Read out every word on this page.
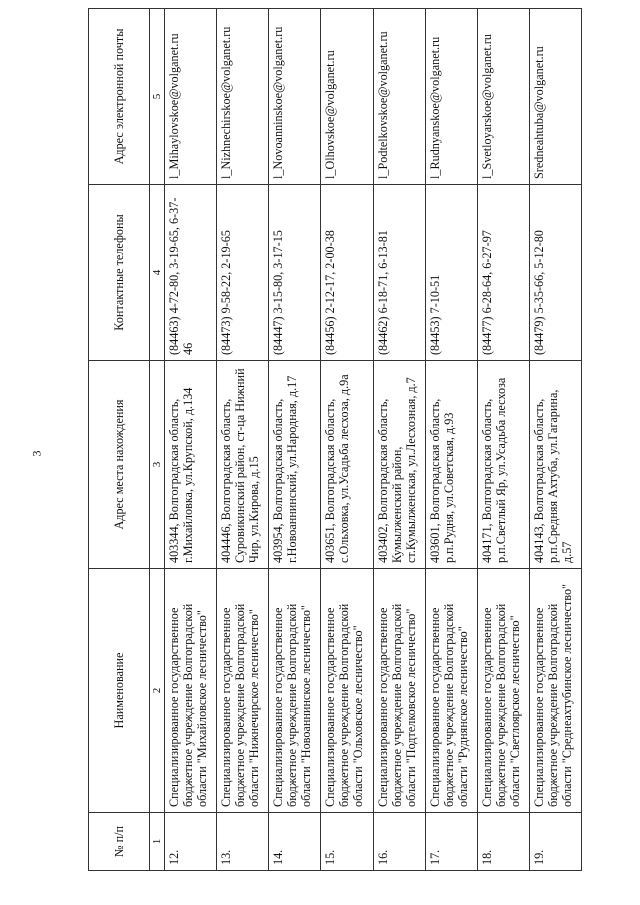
3
№ п/п	Наименование	Адрес места нахождения	Контактные телефоны	Адрес электронной почты
1	2	3	4	5
12.	Специализированное государственное бюджетное учреждение Волгоградской области "Михайловское лесничество"	403344, Волгоградская область, г.Михайловка, ул.Крупской, д.134	(84463) 4-72-80, 3-19-65, 6-37-46	l_Mihaylovskoe@volganet.ru
13.	Специализированное государственное бюджетное учреждение Волгоградской области "Нижнечирское лесничество"	404446, Волгоградская область, Суровикинский район, ст-ца Нижний Чир, ул.Кирова, д.15	(84473) 9-58-22, 2-19-65	l_Nizhnechirskoe@volganet.ru
14.	Специализированное государственное бюджетное учреждение Волгоградской области "Новоаннинское лесничество"	403954, Волгоградская область, г.Новоаннинский, ул.Народная, д.17	(84447) 3-15-80, 3-17-15	l_Novoanninskoe@volganet.ru
15.	Специализированное государственное бюджетное учреждение Волгоградской области "Ольховское лесничество"	403651, Волгоградская область, с.Ольховка, ул.Усадьба лесхоза, д.9а	(84456) 2-12-17, 2-00-38	l_Olhovskoe@volganet.ru
16.	Специализированное государственное бюджетное учреждение Волгоградской области "Подтелковское лесничество"	403402, Волгоградская область, Кумылженский район, ст.Кумылженская, ул.Лесхозная, д.7	(84462) 6-18-71, 6-13-81	l_Podtelkovskoe@volganet.ru
17.	Специализированное государственное бюджетное учреждение Волгоградской области "Руднянское лесничество"	403601, Волгоградская область, р.п.Рудня, ул.Советская, д.93	(84453) 7-10-51	l_Rudnyanskoe@volganet.ru
18.	Специализированное государственное бюджетное учреждение Волгоградской области "Светлоярское лесничество"	404171, Волгоградская область, р.п.Светлый Яр, ул.Усадьба лесхоза	(84477) 6-28-64, 6-27-97	l_Svetloyarskoe@volganet.ru
19.	Специализированное государственное бюджетное учреждение Волгоградской области "Среднеахтубинское лесничество"	404143, Волгоградская область, р.п.Средняя Ахтуба, ул.Гагарина, д.57	(84479) 5-35-66, 5-12-80	Sredneahtuba@volganet.ru
